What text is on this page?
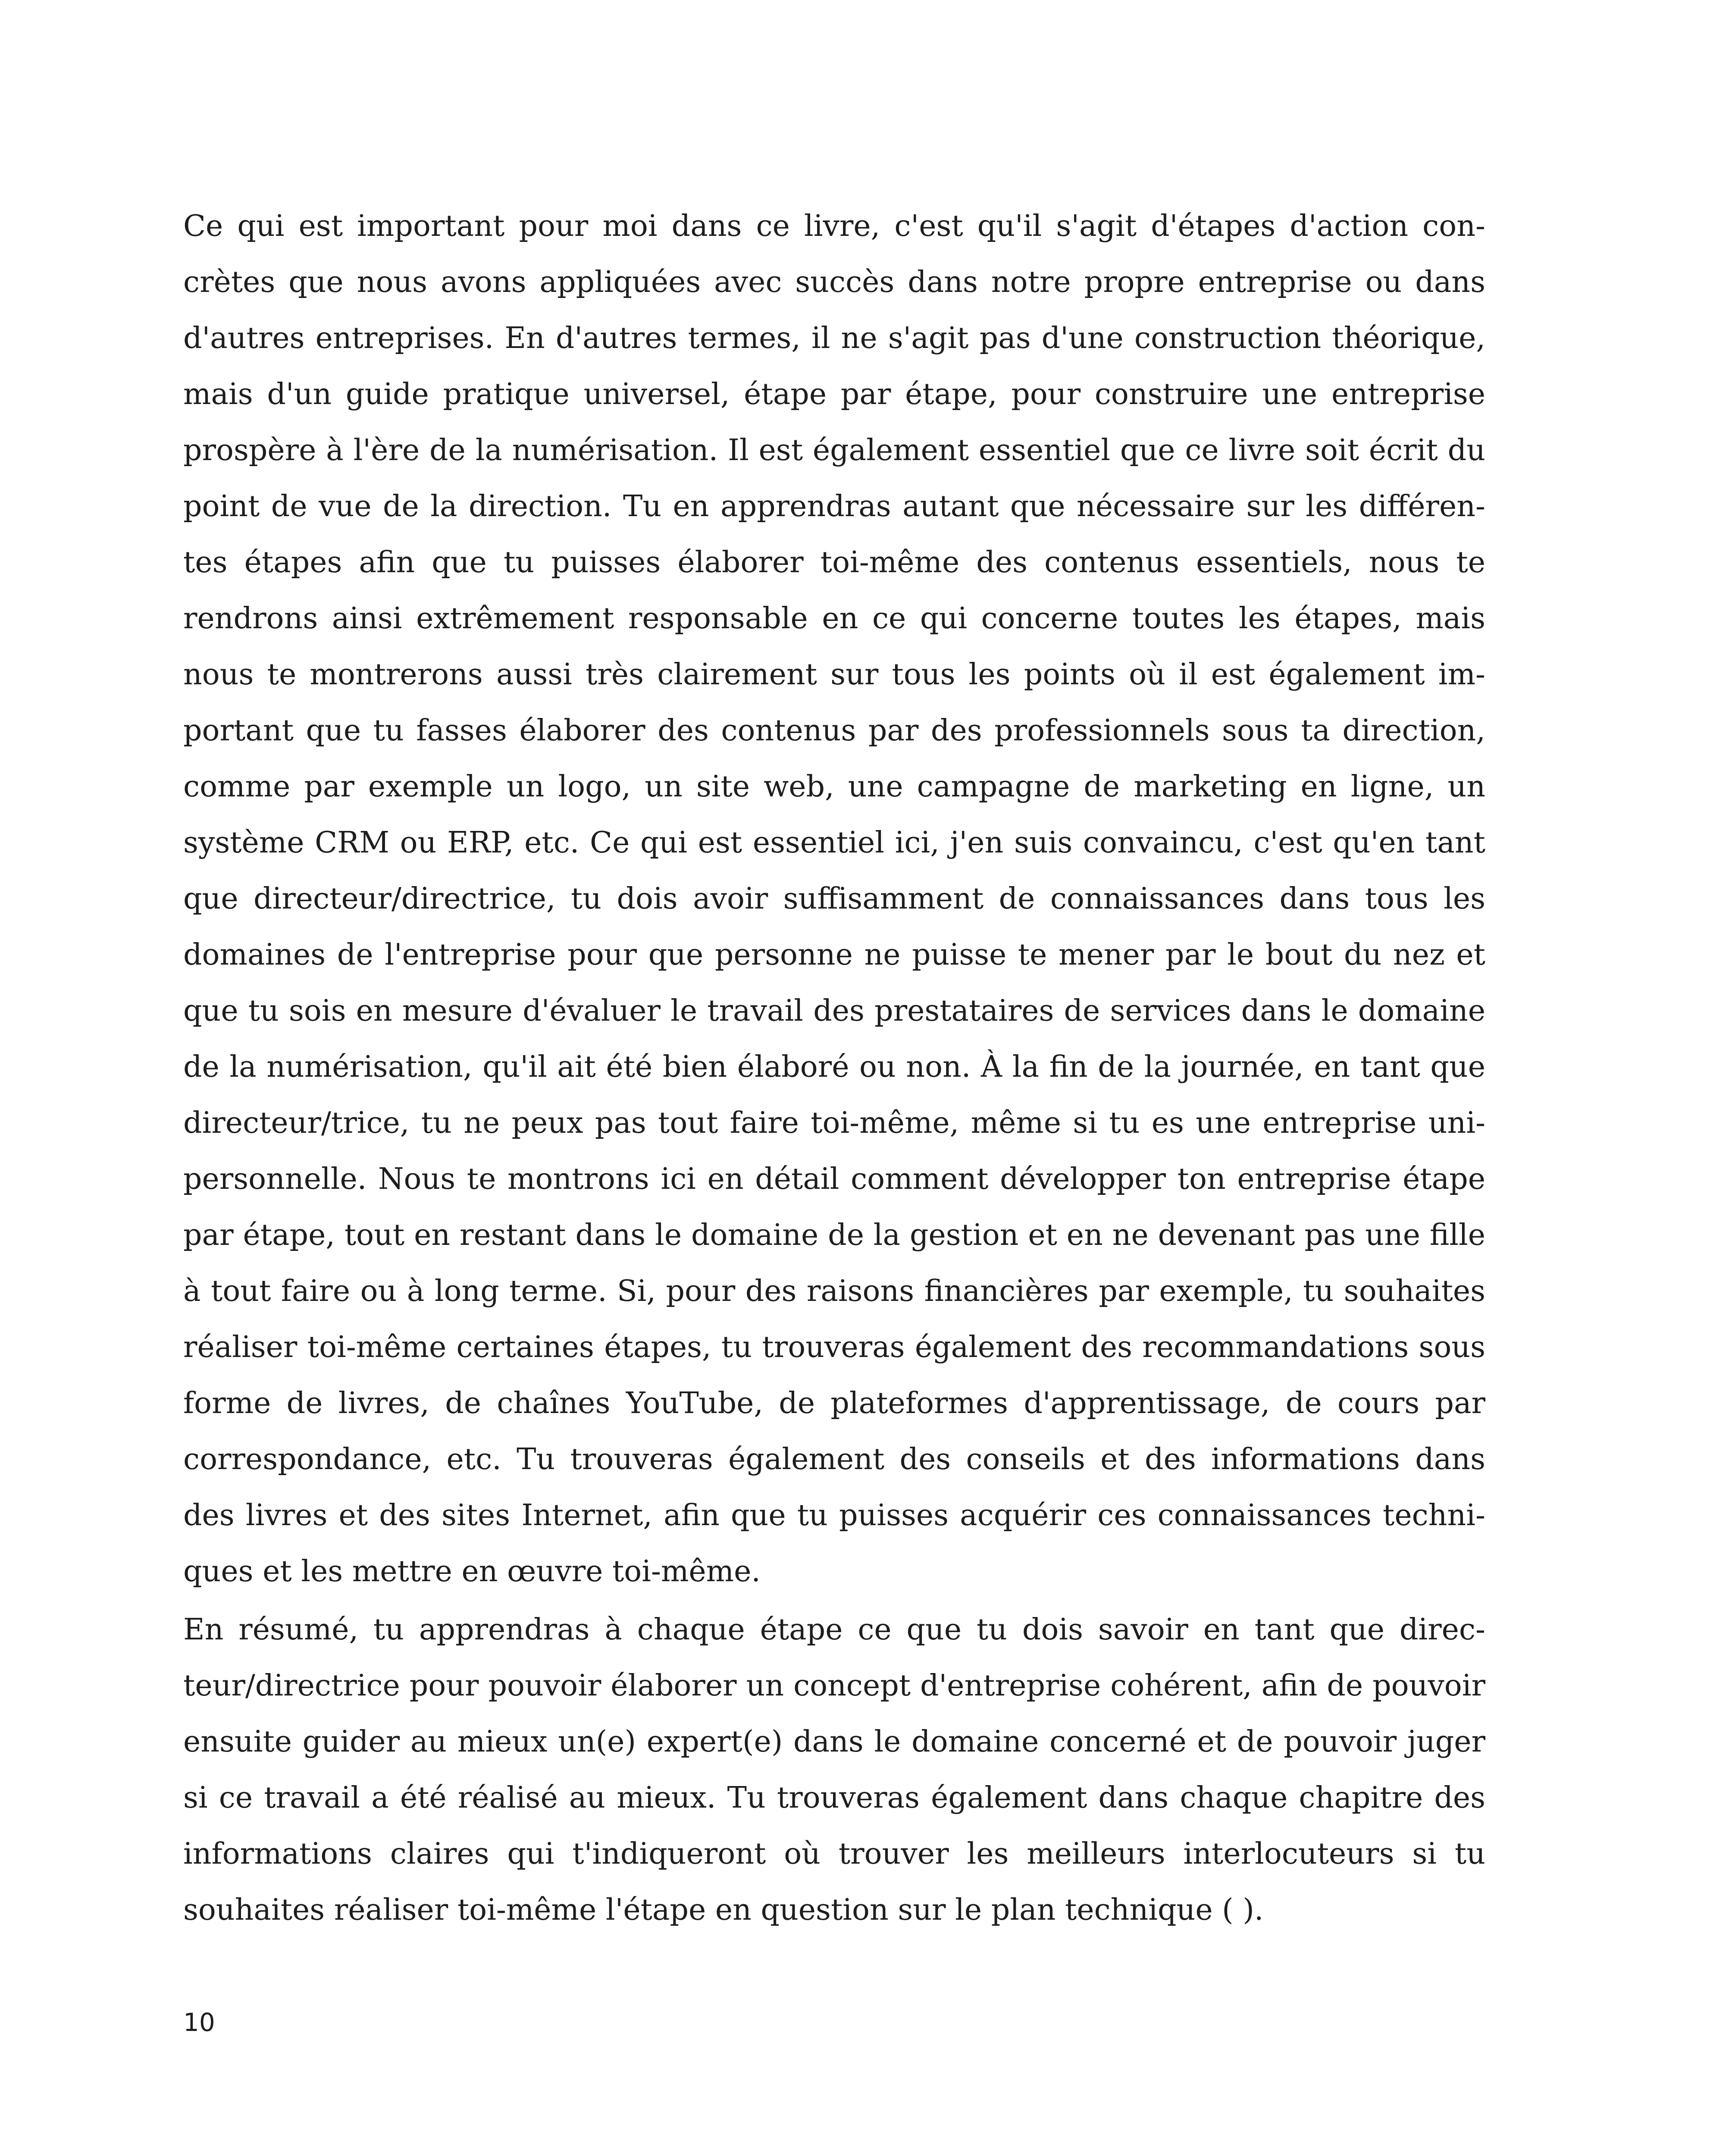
Ce qui est important pour moi dans ce livre, c'est qu'il s'agit d'étapes d'action concrètes que nous avons appliquées avec succès dans notre propre entreprise ou dans d'autres entreprises. En d'autres termes, il ne s'agit pas d'une construction théorique, mais d'un guide pratique universel, étape par étape, pour construire une entreprise prospère à l'ère de la numérisation. Il est également essentiel que ce livre soit écrit du point de vue de la direction. Tu en apprendras autant que nécessaire sur les différentes étapes afin que tu puisses élaborer toi-même des contenus essentiels, nous te rendrons ainsi extrêmement responsable en ce qui concerne toutes les étapes, mais nous te montrerons aussi très clairement sur tous les points où il est également important que tu fasses élaborer des contenus par des professionnels sous ta direction, comme par exemple un logo, un site web, une campagne de marketing en ligne, un système CRM ou ERP, etc. Ce qui est essentiel ici, j'en suis convaincu, c'est qu'en tant que directeur/directrice, tu dois avoir suffisamment de connaissances dans tous les domaines de l'entreprise pour que personne ne puisse te mener par le bout du nez et que tu sois en mesure d'évaluer le travail des prestataires de services dans le domaine de la numérisation, qu'il ait été bien élaboré ou non. À la fin de la journée, en tant que directeur/trice, tu ne peux pas tout faire toi-même, même si tu es une entreprise unipersonnelle. Nous te montrons ici en détail comment développer ton entreprise étape par étape, tout en restant dans le domaine de la gestion et en ne devenant pas une fille à tout faire ou à long terme. Si, pour des raisons financières par exemple, tu souhaites réaliser toi-même certaines étapes, tu trouveras également des recommandations sous forme de livres, de chaînes YouTube, de plateformes d'apprentissage, de cours par correspondance, etc. Tu trouveras également des conseils et des informations dans des livres et des sites Internet, afin que tu puisses acquérir ces connaissances techniques et les mettre en œuvre toi-même.

En résumé, tu apprendras à chaque étape ce que tu dois savoir en tant que directeur/directrice pour pouvoir élaborer un concept d'entreprise cohérent, afin de pouvoir ensuite guider au mieux un(e) expert(e) dans le domaine concerné et de pouvoir juger si ce travail a été réalisé au mieux. Tu trouveras également dans chaque chapitre des informations claires qui t'indiqueront où trouver les meilleurs interlocuteurs si tu souhaites réaliser toi-même l'étape en question sur le plan technique ( ).

10
